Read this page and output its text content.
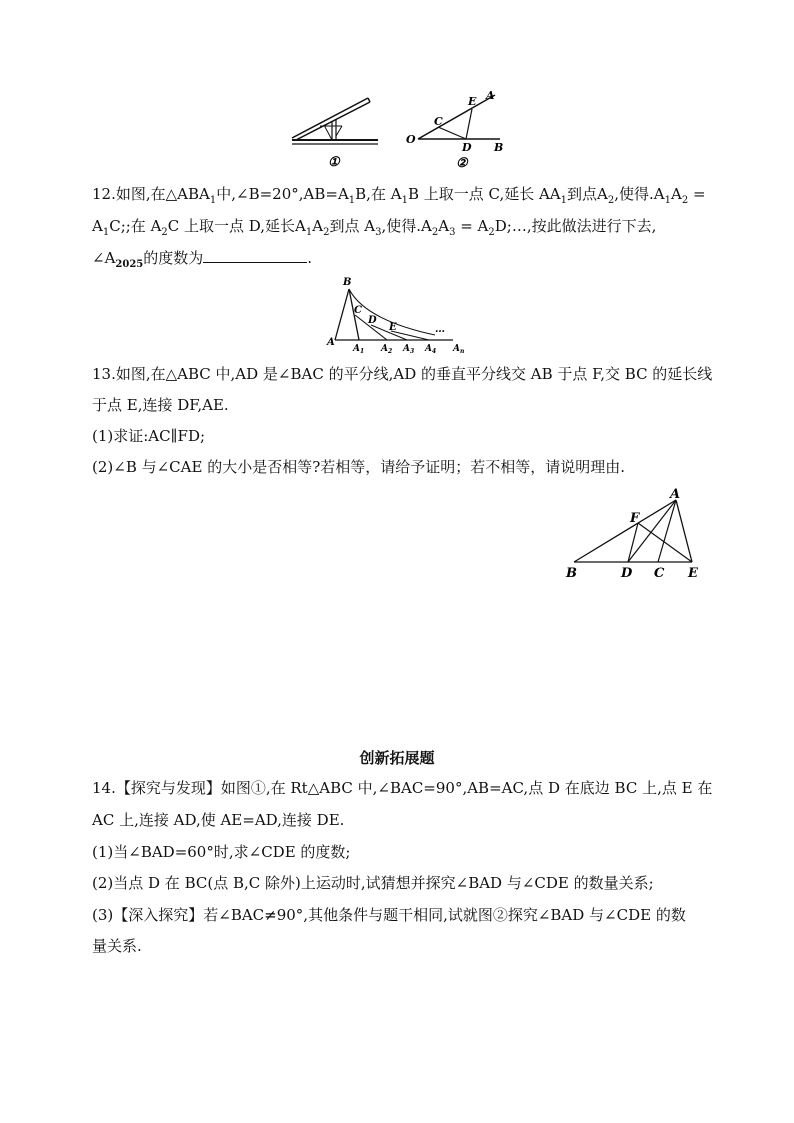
①
O
C
E A
D B
②
12.如图,在$\triangle ABA_1$中$,\angle B=20^\circ,AB=A_1B$,在 $A_1B$ 上取一点 C,延长 $AA_1$到点$A_2$,使得$.A_1A_2$ =
$A_1C$;;在 $A_2C$ 上取一点 D,延长$A_1A_2$到点 $A_3$,使得$.A_2A_3$ = $A_2D;\dots$,按此做法进行下去,
$\angle A_{2025}$的度数为	.
B
C
D
E	…
A
$A_1$ $A_2$ $A_3$ $A_4$ $A_n$
13.如图,在△ABC 中,AD 是∠BAC 的平分线,AD 的垂直平分线交 AB 于点 F,交 BC 的延长线
于点 E,连接 DF,AE.
(1)求证:AC∥FD;
(2)∠B 与∠CAE 的大小是否相等?若相等，请给予证明；若不相等，请说明理由.
A
F
B	D C E
创新拓展题
14.【探究与发现】如图①,在 Rt△ABC 中,∠BAC=90°,AB=AC,点 D 在底边 BC 上,点 E 在
AC 上,连接 AD,使 AE=AD,连接 DE.
(1)当∠BAD=60°时,求∠CDE 的度数;
(2)当点 D 在 BC(点 B,C 除外)上运动时,试猜想并探究∠BAD 与∠CDE 的数量关系;
(3)【深入探究】若∠BAC≠90°,其他条件与题干相同,试就图②探究∠BAD 与∠CDE 的数
量关系.
